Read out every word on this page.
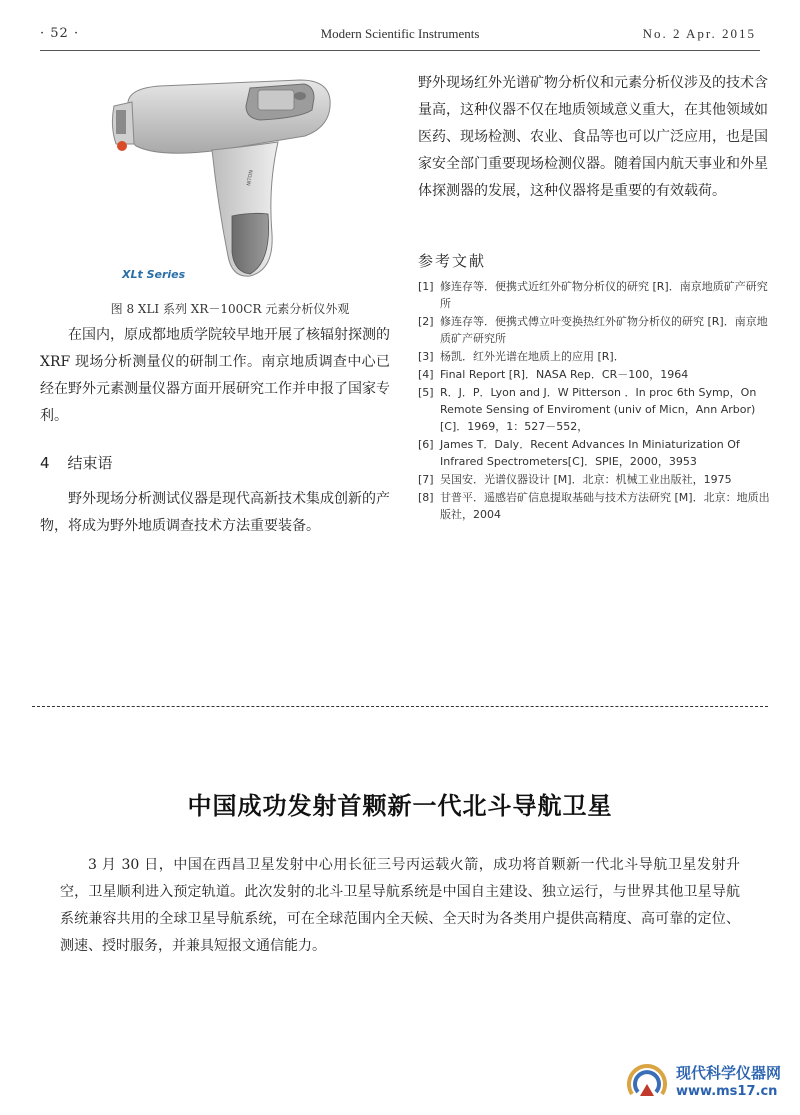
· 52 ·	Modern Scientific Instruments	No. 2 Apr. 2015
NITON
XLt Series
图 8 XLI 系列 XR－100CR 元素分析仪外观
在国内，原成都地质学院较早地开展了核辐射探测的 XRF 现场分析测量仪的研制工作。南京地质调查中心已经在野外元素测量仪器方面开展研究工作并申报了国家专利。
4 结束语
野外现场分析测试仪器是现代高新技术集成创新的产物，将成为野外地质调查技术方法重要装备。
野外现场红外光谱矿物分析仪和元素分析仪涉及的技术含量高，这种仪器不仅在地质领域意义重大，在其他领域如医药、现场检测、农业、食品等也可以广泛应用，也是国家安全部门重要现场检测仪器。随着国内航天事业和外星体探测器的发展，这种仪器将是重要的有效载荷。
参考文献
[1] 修连存等．便携式近红外矿物分析仪的研究 [R]．南京地质矿产研究所
[2] 修连存等．便携式傅立叶变换热红外矿物分析仪的研究 [R]．南京地质矿产研究所
[3] 杨凯．红外光谱在地质上的应用 [R]．
[4] Final Report [R]．NASA Rep．CR－100，1964
[5] R．J．P．Lyon and J．W Pitterson ．In proc 6th Symp，On Remote Sensing of Enviroment (univ of Micn，Ann Arbor) [C]．1969，1：527－552，
[6] James T．Daly．Recent Advances In Miniaturization Of Infrared Spectrometers[C]．SPIE，2000，3953
[7] 吴国安．光谱仪器设计 [M]．北京：机械工业出版社，1975
[8] 甘普平．遥感岩矿信息提取基础与技术方法研究 [M]．北京：地质出版社，2004
中国成功发射首颗新一代北斗导航卫星
3 月 30 日，中国在西昌卫星发射中心用长征三号丙运载火箭，成功将首颗新一代北斗导航卫星发射升空，卫星顺利进入预定轨道。此次发射的北斗卫星导航系统是中国自主建设、独立运行，与世界其他卫星导航系统兼容共用的全球卫星导航系统，可在全球范围内全天候、全天时为各类用户提供高精度、高可靠的定位、测速、授时服务，并兼具短报文通信能力。
现代科学仪器网
www.ms17.cn
